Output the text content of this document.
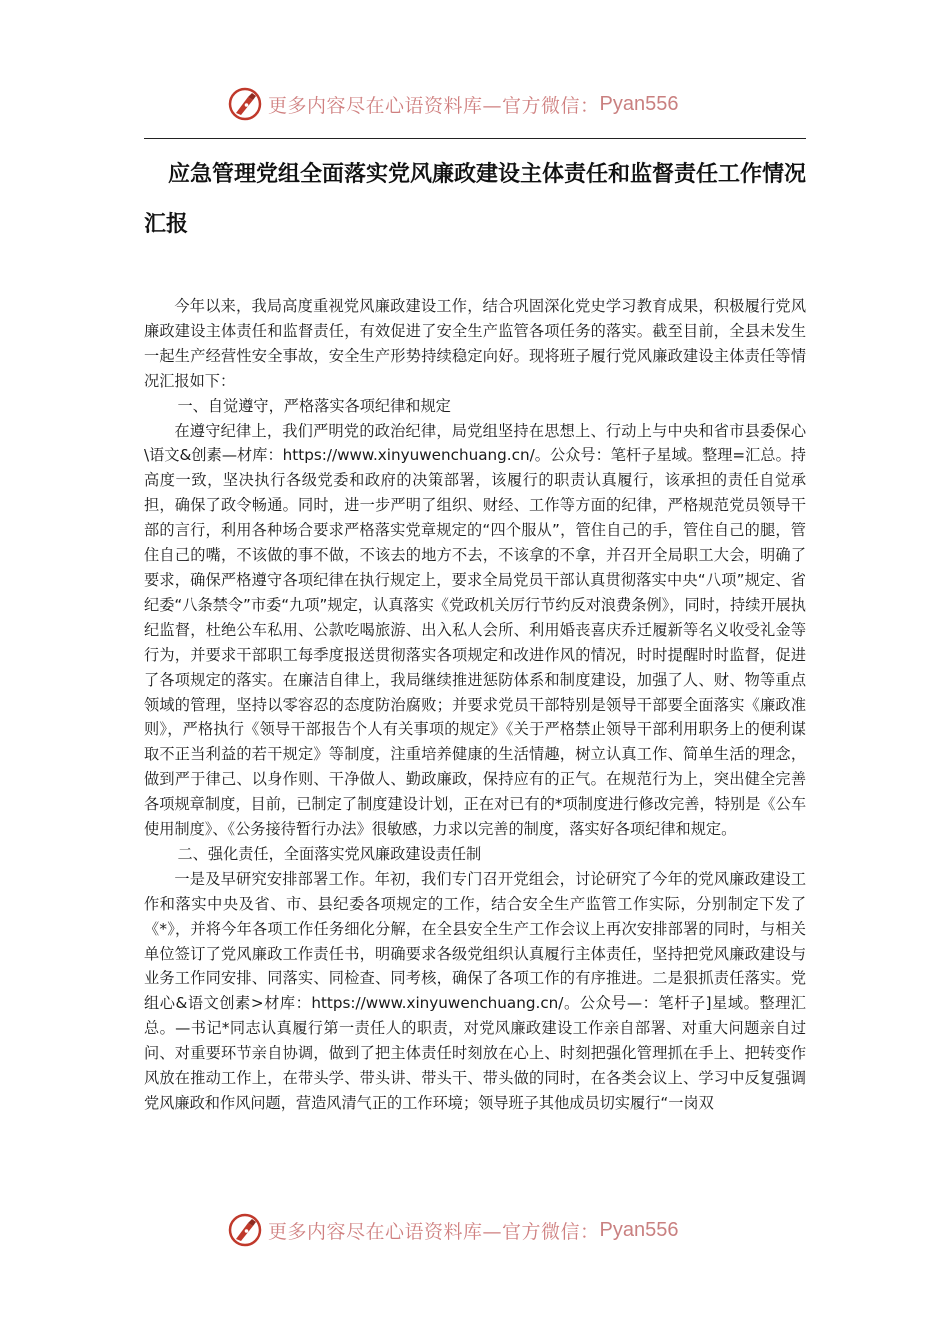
更多内容尽在心语资料库—官方微信： Pyan556
应急管理党组全面落实党风廉政建设主体责任和监督责任工作情况汇报

今年以来，我局高度重视党风廉政建设工作，结合巩固深化党史学习教育成果，积极履行党风廉政建设主体责任和监督责任，有效促进了安全生产监管各项任务的落实。截至目前，全县未发生一起生产经营性安全事故，安全生产形势持续稳定向好。现将班子履行党风廉政建设主体责任等情况汇报如下：

一、自觉遵守，严格落实各项纪律和规定

在遵守纪律上，我们严明党的政治纪律，局党组坚持在思想上、行动上与中央和省市县委保心\语文&创素—材库：https://www.xinyuwenchuang.cn/。公众号：笔杆子星域。整理=汇总。持高度一致，坚决执行各级党委和政府的决策部署，该履行的职责认真履行，该承担的责任自觉承担，确保了政令畅通。同时，进一步严明了组织、财经、工作等方面的纪律，严格规范党员领导干部的言行，利用各种场合要求严格落实党章规定的“四个服从”，管住自己的手，管住自己的腿，管住自己的嘴，不该做的事不做，不该去的地方不去，不该拿的不拿，并召开全局职工大会，明确了要求，确保严格遵守各项纪律在执行规定上，要求全局党员干部认真贯彻落实中央“八项”规定、省纪委“八条禁令”市委“九项”规定，认真落实《党政机关厉行节约反对浪费条例》，同时，持续开展执纪监督，杜绝公车私用、公款吃喝旅游、出入私人会所、利用婚丧喜庆乔迁履新等名义收受礼金等行为，并要求干部职工每季度报送贯彻落实各项规定和改进作风的情况，时时提醒时时监督，促进了各项规定的落实。在廉洁自律上，我局继续推进惩防体系和制度建设，加强了人、财、物等重点领域的管理，坚持以零容忍的态度防治腐败；并要求党员干部特别是领导干部要全面落实《廉政准则》，严格执行《领导干部报告个人有关事项的规定》《关于严格禁止领导干部利用职务上的便利谋取不正当利益的若干规定》等制度，注重培养健康的生活情趣，树立认真工作、简单生活的理念，做到严于律己、以身作则、干净做人、勤政廉政，保持应有的正气。在规范行为上，突出健全完善各项规章制度，目前，已制定了制度建设计划，正在对已有的*项制度进行修改完善，特别是《公车使用制度》、《公务接待暂行办法》很敏感，力求以完善的制度，落实好各项纪律和规定。

二、强化责任，全面落实党风廉政建设责任制

一是及早研究安排部署工作。年初，我们专门召开党组会，讨论研究了今年的党风廉政建设工作和落实中央及省、市、县纪委各项规定的工作，结合安全生产监管工作实际，分别制定下发了《*》，并将今年各项工作任务细化分解，在全县安全生产工作会议上再次安排部署的同时，与相关单位签订了党风廉政工作责任书，明确要求各级党组织认真履行主体责任，坚持把党风廉政建设与业务工作同安排、同落实、同检查、同考核，确保了各项工作的有序推进。二是狠抓责任落实。党组心&语文创素>材库：https://www.xinyuwenchuang.cn/。公众号—：笔杆子]星域。整理汇总。—书记*同志认真履行第一责任人的职责，对党风廉政建设工作亲自部署、对重大问题亲自过问、对重要环节亲自协调，做到了把主体责任时刻放在心上、时刻把强化管理抓在手上、把转变作风放在推动工作上，在带头学、带头讲、带头干、带头做的同时，在各类会议上、学习中反复强调党风廉政和作风问题，营造风清气正的工作环境；领导班子其他成员切实履行“一岗双

更多内容尽在心语资料库—官方微信： Pyan556
